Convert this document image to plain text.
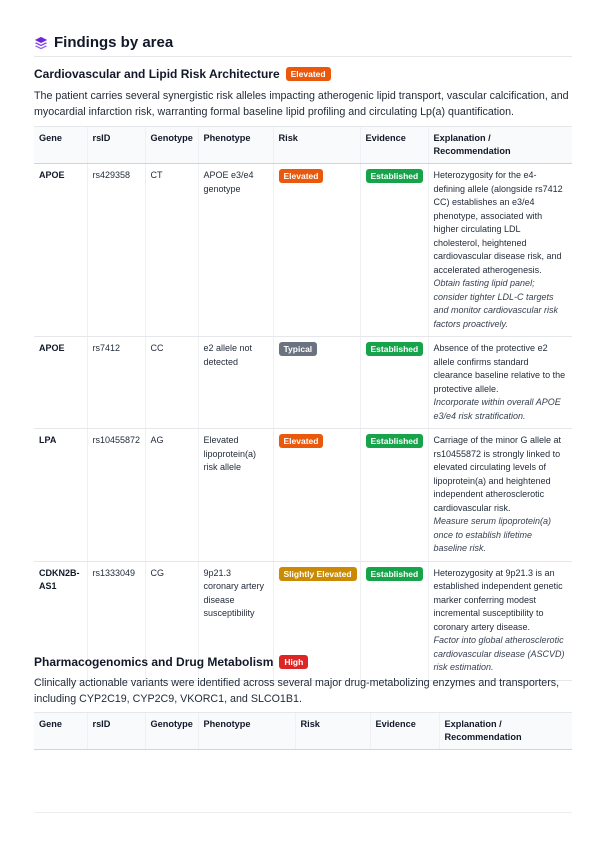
Findings by area
Cardiovascular and Lipid Risk Architecture	Elevated
The patient carries several synergistic risk alleles impacting atherogenic lipid transport, vascular calcification, and myocardial infarction risk, warranting formal baseline lipid profiling and circulating Lp(a) quantification.
Gene	rsID	Genotype	Phenotype	Risk	Evidence	Explanation / Recommendation
APOE	rs429358	CT	APOE e3/e4 genotype	Elevated	Established	Heterozygosity for the e4-defining allele (alongside rs7412 CC) establishes an e3/e4 phenotype, associated with higher circulating LDL cholesterol, heightened cardiovascular disease risk, and accelerated atherogenesis.
Obtain fasting lipid panel; consider tighter LDL-C targets and monitor cardiovascular risk factors proactively.

APOE	rs7412	CC	e2 allele not detected	Typical	Established	Absence of the protective e2 allele confirms standard clearance baseline relative to the protective allele.
Incorporate within overall APOE e3/e4 risk stratification.

LPA	rs10455872	AG	Elevated lipoprotein(a) risk allele	Elevated	Established	Carriage of the minor G allele at rs10455872 is strongly linked to elevated circulating levels of lipoprotein(a) and heightened independent atherosclerotic cardiovascular risk.
Measure serum lipoprotein(a) once to establish lifetime baseline risk.

CDKN2B-AS1	rs1333049	CG	9p21.3 coronary artery disease susceptibility	Slightly Elevated	Established	Heterozygosity at 9p21.3 is an established independent genetic marker conferring modest incremental susceptibility to coronary artery disease.
Factor into global atherosclerotic cardiovascular disease (ASCVD) risk estimation.
Pharmacogenomics and Drug Metabolism	High
Clinically actionable variants were identified across several major drug-metabolizing enzymes and transporters, including CYP2C19, CYP2C9, VKORC1, and SLCO1B1.
Gene	rsID	Genotype	Phenotype	Risk	Evidence	Explanation / Recommendation
